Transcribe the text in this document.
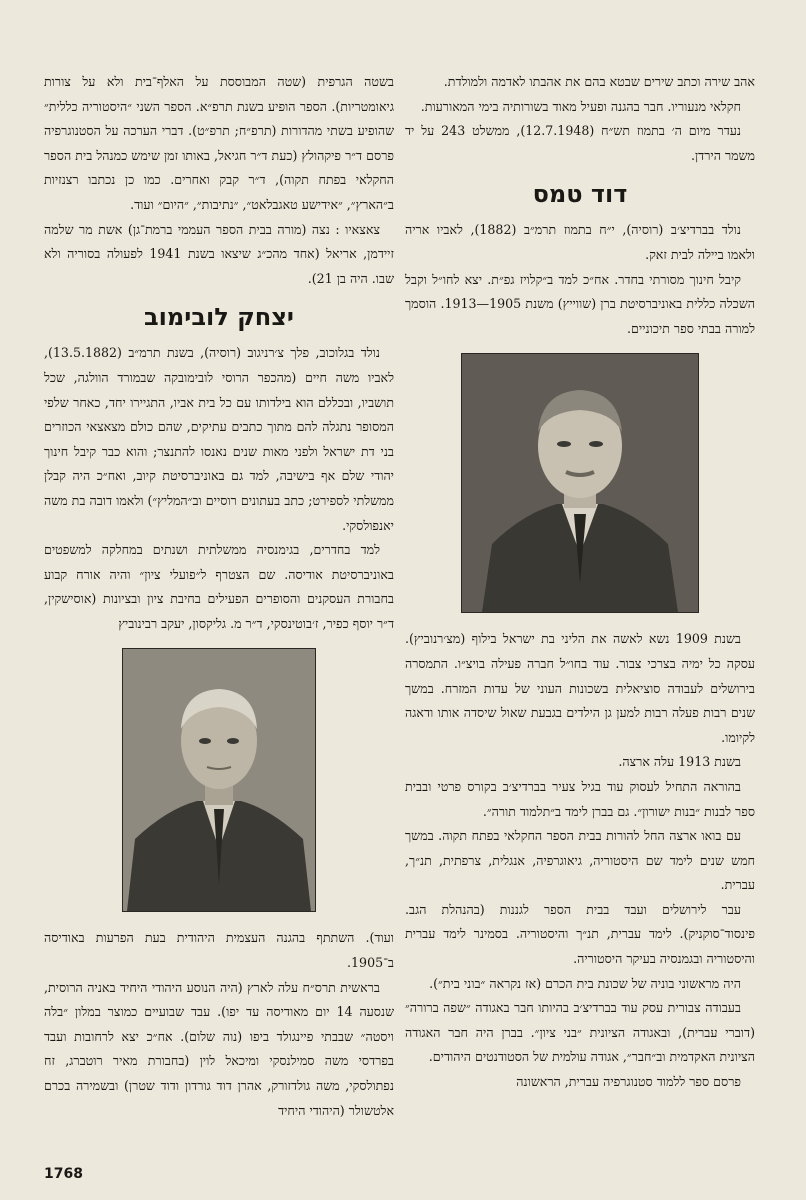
אהב שירה וכתב שירים שבטא בהם את אהבתו לאדמה ולמולדת.

חקלאי מנעוריו. חבר בהגנה ופעיל מאוד בשורותיה בימי המאורעות.

נעדר מיום ה׳ בתמוז תש״ח (12.7.1948), ממשלט 243 על יד משמר הירדן.

דוד טמס

נולד בברדיצ׳ב (רוסיה), י״ח בתמוז תרמ״ב (1882), לאביו אריה ולאמו ביילה לבית זאק.

קיבל חינוך מסורתי בחדר. אח״כ למד ב״קלויז גפ״ת. יצא לחו״ל וקבל השכלה כללית באוניברסיטת ברן (שווייץ) משנת 1905—1913. הוסמך למורה בבתי ספר תיכוניים.

בשנת 1909 נשא לאשה את הליני בת ישראל בילוף (מצ׳רנוביץ). עסקה כל ימיה בצרכי צבור. עוד בחו״ל חברה פעילה בויצ״ו. התמסרה בירושלים לעבודה סוציאלית בשכונות העוני של עדות המזרח. במשך שנים רבות פעלה רבות למען גן הילדים בגבעת שאול שיסדה אותו ודאגה לקיומו.

בשנת 1913 עלה ארצה.

בהוראה התחיל לעסוק עוד בגיל צעיר בברדיצ׳ב בקורס פרטי ובבית ספר לבנות ״בנות ישורון״. גם בברן לימד ב״תלמוד תורה״.

עם בואו ארצה החל להורות בבית הספר החקלאי בפתח תקוה. במשך חמש שנים לימד שם היסטוריה, גיאוגרפיה, אנגלית, צרפתית, תנ״ך, עברית.

עבר לירושלים ועבד בבית הספר לגננות (בהנהלת הגב. פינסוד־סוקניק). לימד עברית, תנ״ך והיסטוריה. בסמינר לימד עברית והיסטוריה ובגמנסיה בעיקר היסטוריה.

היה מראשוני בוניה של שכונת בית הכרם (אז נקראה ״בוני בית״).

בעבודה צבורית עסק עוד בברדיצ׳ב בהיותו חבר באגודה ״שפה ברורה״ (דוברי עברית), ובאגודה הציונית ״בני ציון״. בברן היה חבר האגודה הציונית האקדמית וב״חבר״, אגודה עולמית של הסטודנטים היהודים.

פרסם ספר ללמוד סטנוגרפיה עברית, הראשונה

בשטה הגרפית (שטה המבוססת על האלף־בית ולא על צורות גיאומטריות). הספר הופיע בשנת תרפ״א. הספר השני ״היסטוריה כללית״ שהופיע בשתי מהדורות (תרפ״ח; תרפ״ט). דברי הערכה על הסטנוגרפיה פרסם ד״ר פיקהולץ (כעת ד״ר חגיאל, באותו זמן שימש כמנהל בית הספר החקלאי בפתח תקוה), ד״ר קבק ואחרים. כמו כן נכתבו רצנזיות ב״הארץ״, ״אידישע טאגבלאט״, ״נתיבות״, ״היום״ ועוד.

צאצאיו : נצה (מורה בבית הספר העממי ברמת־גן) אשת מר שלמה זיידמן, אריאל (אחד מהכ״ג שיצאו בשנת 1941 לפעולה בסוריה ולא שבו. היה בן 21).

יצחק לובימוב

נולד בגלוכוב, פלך צ׳רניגוב (רוסיה), בשנת תרמ״ב (13.5.1882), לאביו משה חיים (מהכפר הרוסי לובימובקה שבמורד הוולגה, שכל תושביו, ובכללם הוא בילדותו עם כל בית אביו, התגיירו יחד, כאחר שלפי המסופר נתגלה להם מתוך כתבים עתיקים, שהם כולם מצאצאי הכוזרים בני דת ישראל ולפני מאות שנים נאנסו להתנצר; והוא כבר קיבל חינוך יהודי שלם אף בישיבה, למד גם באוניברסיטת קיוב, ואח״כ היה קבלן ממשלתי לספירט; כתב בעתונים רוסיים וב״המליץ״) ולאמו דובה בת משה יאנפולסקי.

למד בחדרים, בגימנסיה ממשלתית ושנתים במחלקה למשפטים באוניברסיטת אודיסה. שם הצטרף ל״פועלי ציון״ והיה אורח קבוע בחבורת העסקנים והסופרים הפעילים בחיבת ציון ובציונות (אוסישקין, ד״ר יוסף כפיר, ז׳בוטינסקי, ד״ר מ. גליקסון, יעקב רבינוביץ

ועוד). השתתף בהגנה העצמית היהודית בעת הפרעות באודיסה ב־1905.

בראשית תרס״ח עלה לארץ (היה הנוסע היהודי היחיד באניה הרוסית, שנסעה 14 יום מאודיסה עד יפו). עבד שבועיים כמוצר במלון ״בלה ויסטה״ שבבתי פיינגולד ביפו (נוה שלום). אח״כ יצא לרחובות ועבד בפרדסי משה סמילנסקי ומיכאל לוין (בחבורת מאיר רוטברג, זח נפתולסקי, משה גולדזורק, אהרן דוד גורדון ודוד שטרן) ובשמירה בכרם אלטשולר (היהודי היחיד

1768
